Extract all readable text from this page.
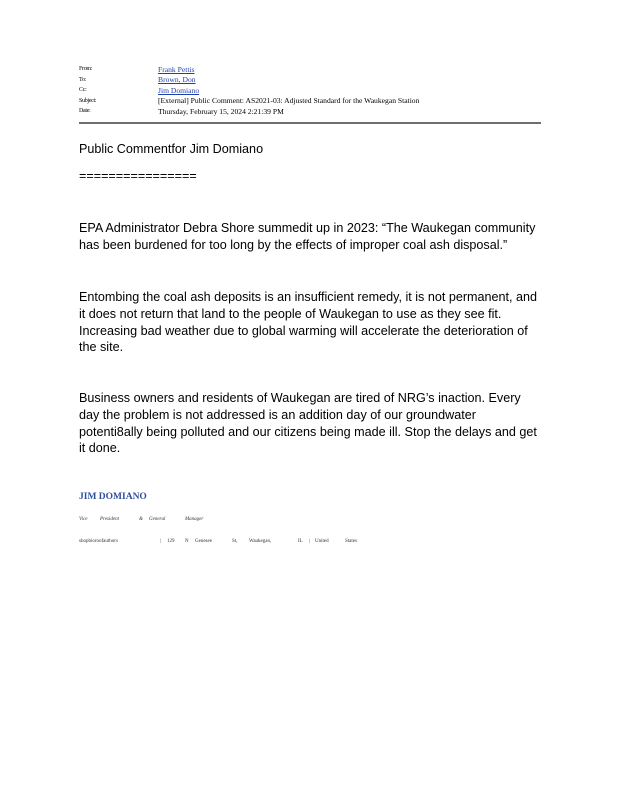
From:	Frank Pettis
To:	Brown, Don
Cc:	Jim Domiano
Subject:	[External] Public Comment: AS2021-03: Adjusted Standard for the Waukegan Station
Date:	Thursday, February 15, 2024 2:21:39 PM

Public Commentfor Jim Domiano

================

EPA Administrator Debra Shore summedit up in 2023: “The Waukegan community has been burdened for too long by the effects of improper coal ash disposal.”

Entombing the coal ash deposits is an insufficient remedy, it is not permanent, and it does not return that land to the people of Waukegan to use as they see fit. Increasing bad weather due to global warming will accelerate the deterioration of the site.

Business owners and residents of Waukegan are tired of NRG’s inaction. Every day the problem is not addressed is an addition day of our groundwater potenti8ally being polluted and our citizens being made ill. Stop the delays and get it done.

JIM DOMIANO
Vice President	& General	Manager
shopbioroofauthors	| 129 N Genesee	St, Waukegan,	IL | United	States
